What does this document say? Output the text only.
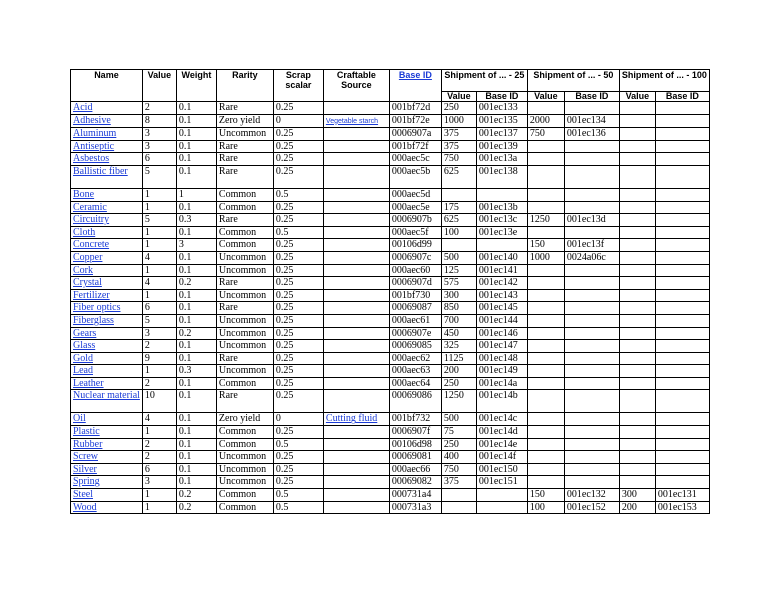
Name	Value	Weight	Rarity	Scrap scalar	Craftable Source	Base ID	Shipment of ... - 25		Shipment of ... - 50		Shipment of ... - 100	
							Value	Base ID	Value	Base ID	Value	Base ID
Acid	2	0.1	Rare	0.25		001bf72d	250	001ec133				
Adhesive	8	0.1	Zero yield	0	Vegetable starch	001bf72e	1000	001ec135	2000	001ec134		
Aluminum	3	0.1	Uncommon	0.25		0006907a	375	001ec137	750	001ec136		
Antiseptic	3	0.1	Rare	0.25		001bf72f	375	001ec139				
Asbestos	6	0.1	Rare	0.25		000aec5c	750	001ec13a				
Ballistic fiber	5	0.1	Rare	0.25		000aec5b	625	001ec138				
Bone	1	1	Common	0.5		000aec5d						
Ceramic	1	0.1	Common	0.25		000aec5e	175	001ec13b				
Circuitry	5	0.3	Rare	0.25		0006907b	625	001ec13c	1250	001ec13d		
Cloth	1	0.1	Common	0.5		000aec5f	100	001ec13e				
Concrete	1	3	Common	0.25		00106d99			150	001ec13f		
Copper	4	0.1	Uncommon	0.25		0006907c	500	001ec140	1000	0024a06c		
Cork	1	0.1	Uncommon	0.25		000aec60	125	001ec141				
Crystal	4	0.2	Rare	0.25		0006907d	575	001ec142				
Fertilizer	1	0.1	Uncommon	0.25		001bf730	300	001ec143				
Fiber optics	6	0.1	Rare	0.25		00069087	850	001ec145				
Fiberglass	5	0.1	Uncommon	0.25		000aec61	700	001ec144				
Gears	3	0.2	Uncommon	0.25		0006907e	450	001ec146				
Glass	2	0.1	Uncommon	0.25		00069085	325	001ec147				
Gold	9	0.1	Rare	0.25		000aec62	1125	001ec148				
Lead	1	0.3	Uncommon	0.25		000aec63	200	001ec149				
Leather	2	0.1	Common	0.25		000aec64	250	001ec14a				
Nuclear material	10	0.1	Rare	0.25		00069086	1250	001ec14b				
Oil	4	0.1	Zero yield	0	Cutting fluid	001bf732	500	001ec14c				
Plastic	1	0.1	Common	0.25		0006907f	75	001ec14d				
Rubber	2	0.1	Common	0.5		00106d98	250	001ec14e				
Screw	2	0.1	Uncommon	0.25		00069081	400	001ec14f				
Silver	6	0.1	Uncommon	0.25		000aec66	750	001ec150				
Spring	3	0.1	Uncommon	0.25		00069082	375	001ec151				
Steel	1	0.2	Common	0.5		000731a4			150	001ec132	300	001ec131
Wood	1	0.2	Common	0.5		000731a3			100	001ec152	200	001ec153
